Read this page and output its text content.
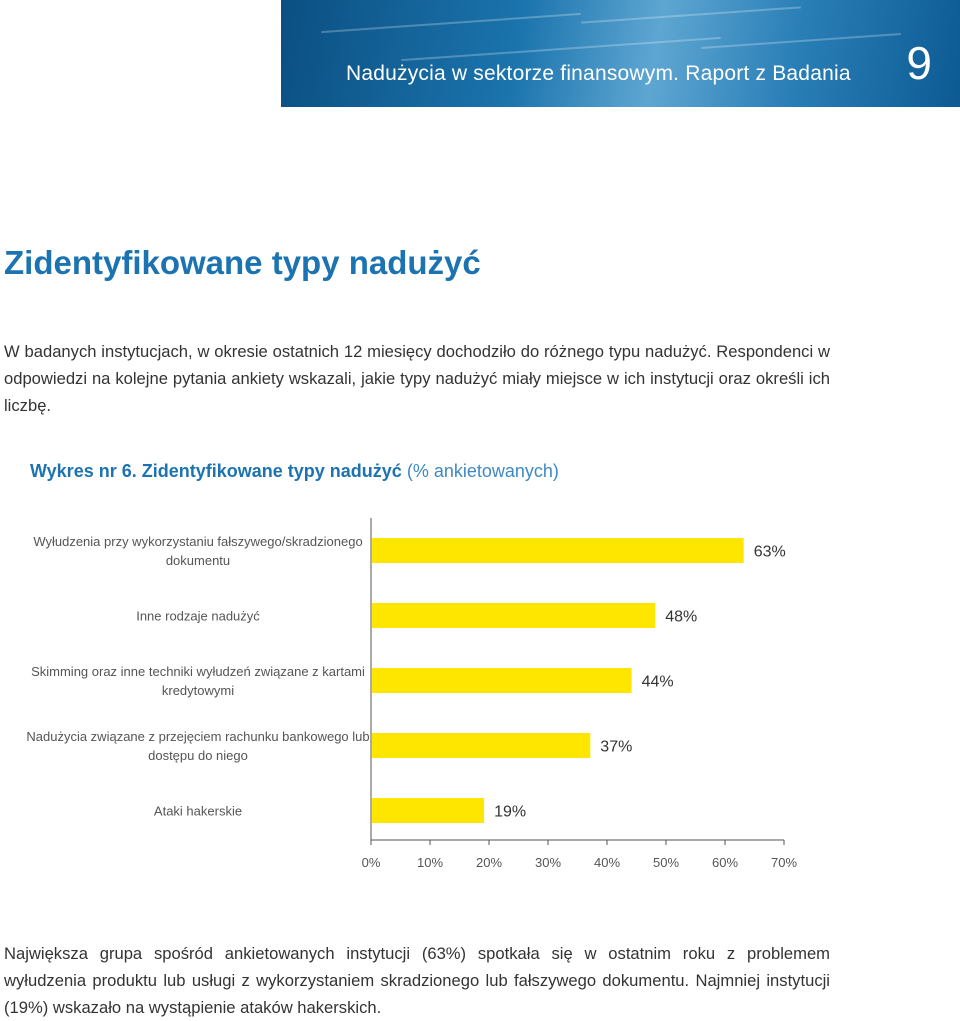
Nadużycia w sektorze finansowym. Raport z Badania 9
Zidentyfikowane typy nadużyć

W badanych instytucjach, w okresie ostatnich 12 miesięcy dochodziło do różnego typu nadużyć. Respondenci w odpowiedzi na kolejne pytania ankiety wskazali, jakie typy nadużyć miały miejsce w ich instytucji oraz określi ich liczbę.

Wykres nr 6. Zidentyfikowane typy nadużyć (% ankietowanych)
0%	10%	20%	30%	40%	50%	60%	70%
63%
Wyłudzenia przy wykorzystaniu fałszywego/skradzionego dokumentu
48%
Inne rodzaje nadużyć
44%
Skimming oraz inne techniki wyłudzeń związane z kartami kredytowymi
37%
Nadużycia związane z przejęciem rachunku bankowego lub dostępu do niego
19%
Ataki hakerskie

Największa grupa spośród ankietowanych instytucji (63%) spotkała się w ostatnim roku z problemem wyłudzenia produktu lub usługi z wykorzystaniem skradzionego lub fałszywego dokumentu. Najmniej instytucji (19%) wskazało na wystąpienie ataków hakerskich.
